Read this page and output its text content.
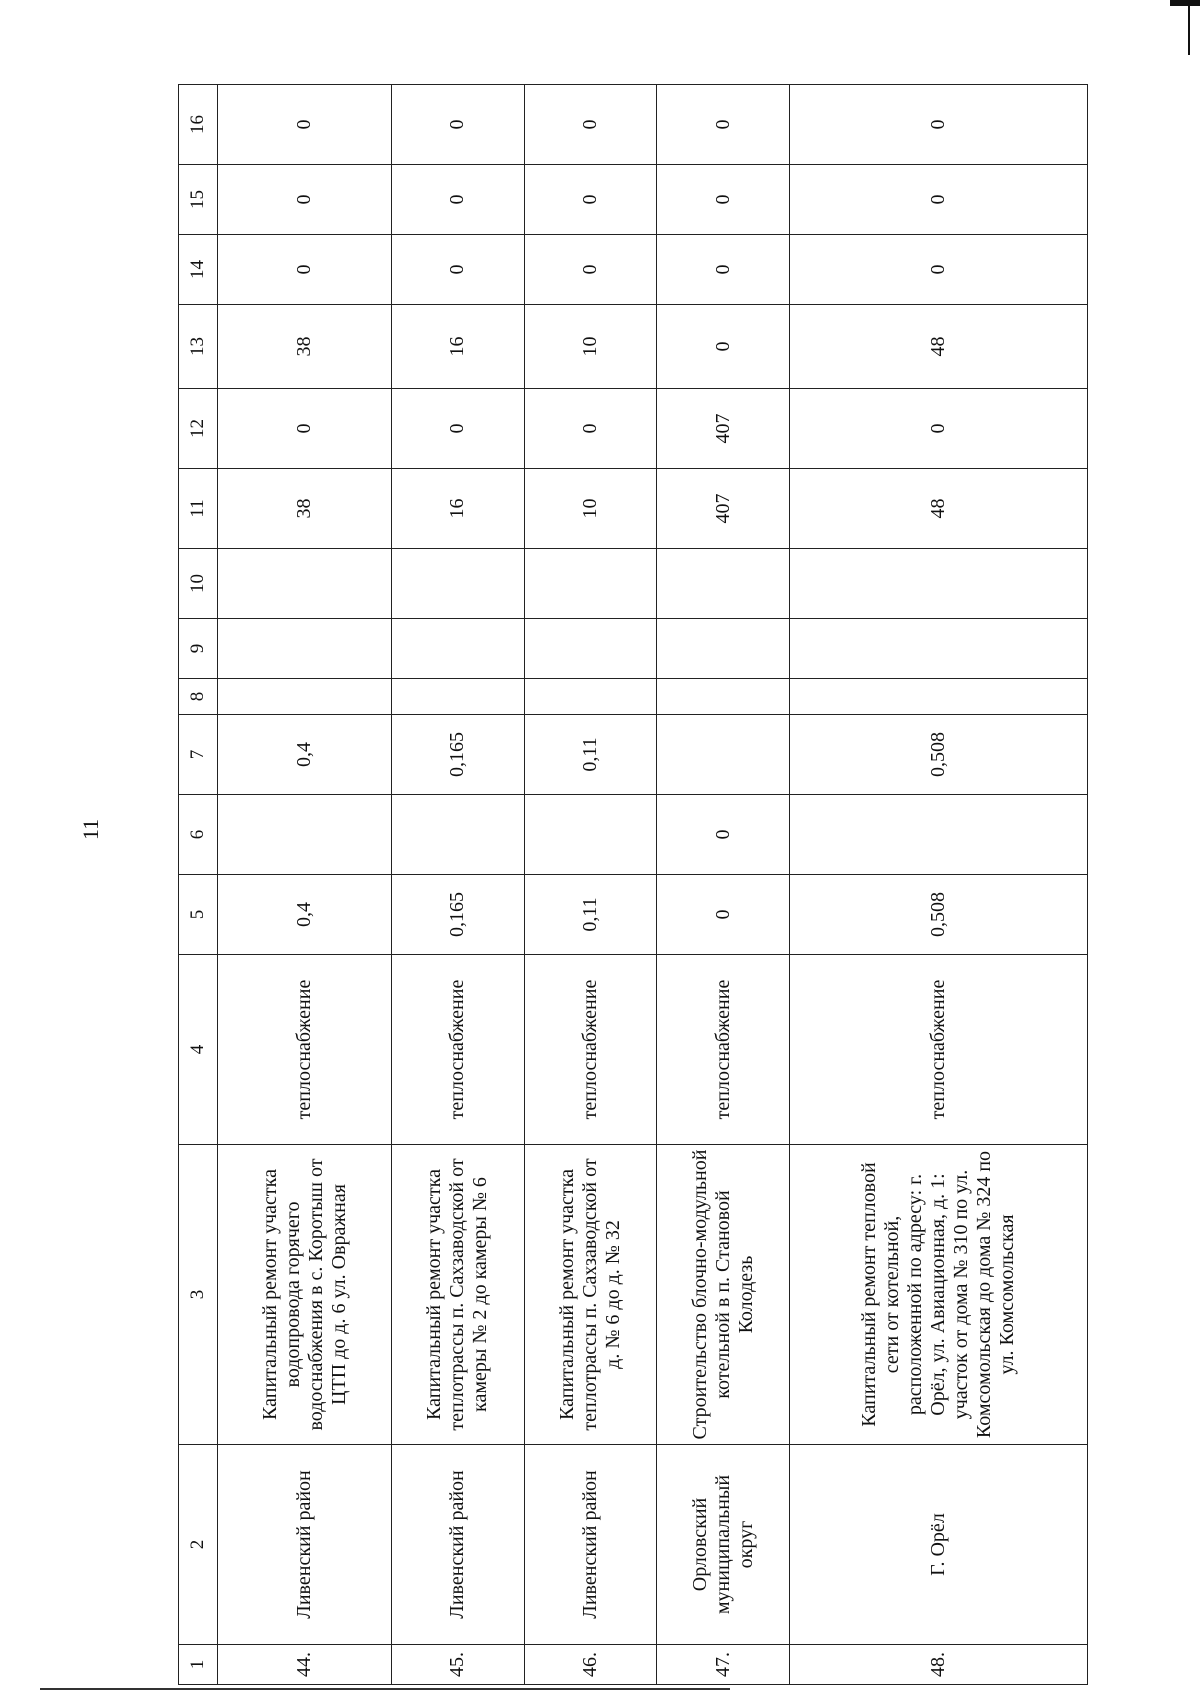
11
1	2	3	4	5	6	7	8	9	10	11	12	13	14	15	16
44.	Ливенский район	Капитальный ремонт участка водопровода горячего водоснабжения в с. Коротыш от ЦТП до д. 6 ул. Овражная	теплоснабжение	0,4		0,4				38	0	38	0	0	0
45.	Ливенский район	Капитальный ремонт участка теплотрассы п. Сахзаводской от камеры № 2 до камеры № 6	теплоснабжение	0,165		0,165				16	0	16	0	0	0
46.	Ливенский район	Капитальный ремонт участка теплотрассы п. Сахзаводской от д. № 6 до д. № 32	теплоснабжение	0,11		0,11				10	0	10	0	0	0
47.	Орловский муниципальный округ	Строительство блочно-модульной котельной в п. Становой Колодезь	теплоснабжение	0	0					407	407	0	0	0	0
48.	Г. Орёл	Капитальный ремонт тепловой сети от котельной, расположенной по адресу: г. Орёл, ул. Авиационная, д. 1: участок от дома № 310 по ул. Комсомольская до дома № 324 по ул. Комсомольская	теплоснабжение	0,508		0,508				48	0	48	0	0	0
